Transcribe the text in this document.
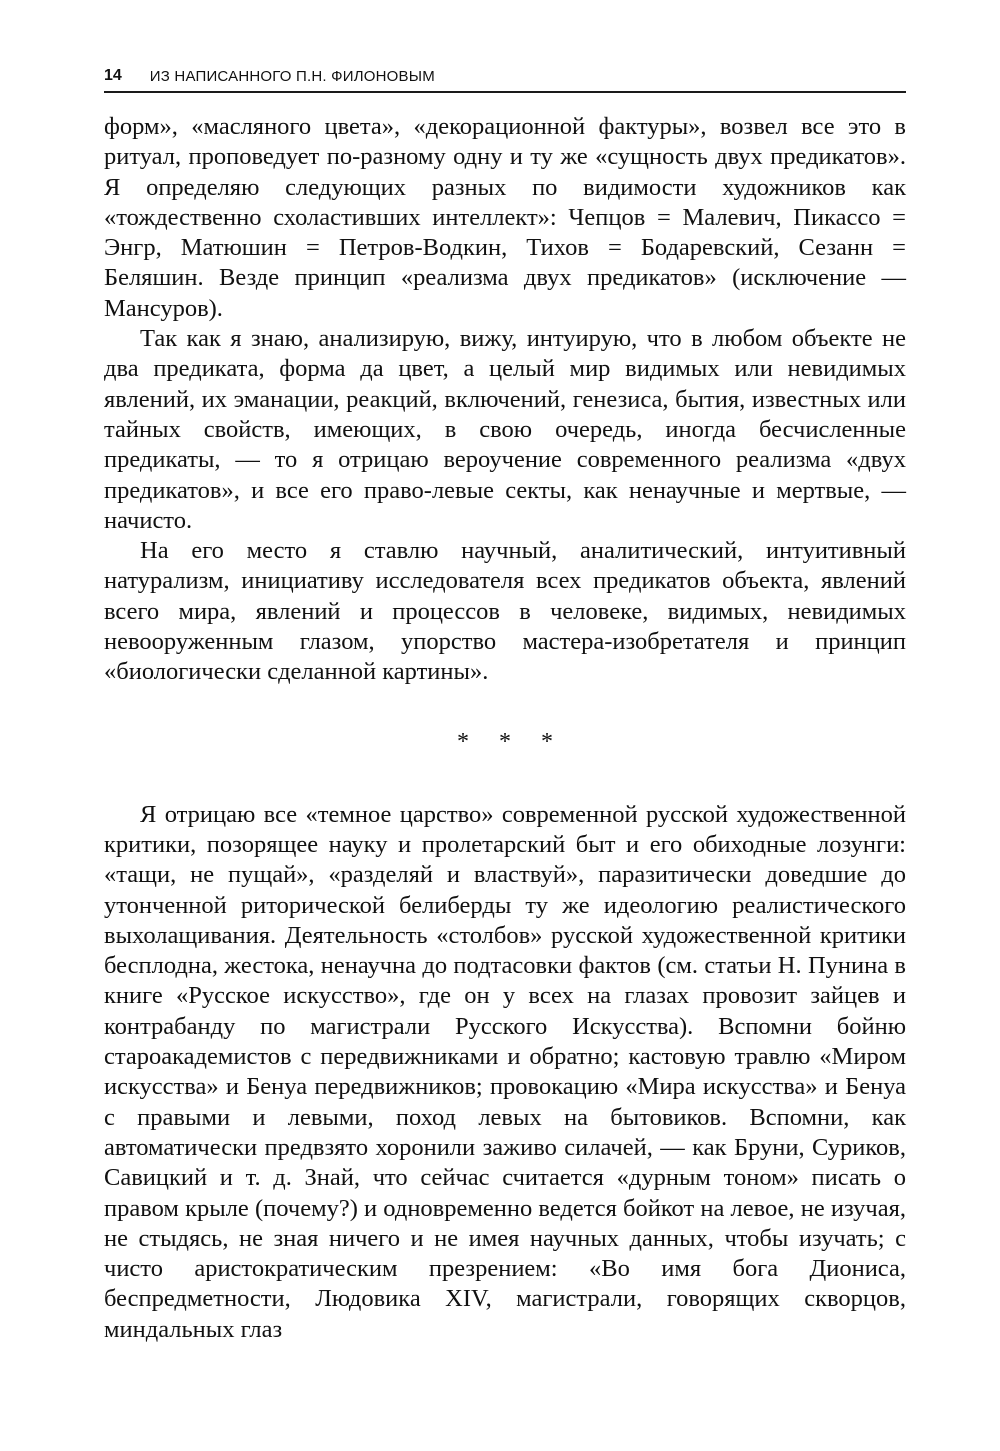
14 ИЗ НАПИСАННОГО П.Н. ФИЛОНОВЫМ

форм», «масляного цвета», «декорационной фактуры», возвел все это в ритуал, проповедует по-разному одну и ту же «сущность двух предикатов». Я определяю следующих разных по видимости художников как «тождественно схоластивших интеллект»: Чепцов = Малевич, Пикассо = Энгр, Матюшин = Петров-Водкин, Тихов = Бодаревский, Сезанн = Беляшин. Везде принцип «реализма двух предикатов» (исключение — Мансуров).

Так как я знаю, анализирую, вижу, интуирую, что в любом объекте не два предиката, форма да цвет, а целый мир видимых или невидимых явлений, их эманации, реакций, включений, генезиса, бытия, известных или тайных свойств, имеющих, в свою очередь, иногда бесчисленные предикаты, — то я отрицаю вероучение современного реализма «двух предикатов», и все его право-левые секты, как ненаучные и мертвые, — начисто.

На его место я ставлю научный, аналитический, интуитивный натурализм, инициативу исследователя всех предикатов объекта, явлений всего мира, явлений и процессов в человеке, видимых, невидимых невооруженным глазом, упорство мастера-изобретателя и принцип «биологически сделанной картины».

* * *

Я отрицаю все «темное царство» современной русской художественной критики, позорящее науку и пролетарский быт и его обиходные лозунги: «тащи, не пущай», «разделяй и властвуй», паразитически доведшие до утонченной риторической белиберды ту же идеологию реалистического выхолащивания. Деятельность «столбов» русской художественной критики бесплодна, жестока, ненаучна до подтасовки фактов (см. статьи Н. Пунина в книге «Русское искусство», где он у всех на глазах провозит зайцев и контрабанду по магистрали Русского Искусства). Вспомни бойню староакадемистов с передвижниками и обратно; кастовую травлю «Миром искусства» и Бенуа передвижников; провокацию «Мира искусства» и Бенуа с правыми и левыми, поход левых на бытовиков. Вспомни, как автоматически предвзято хоронили заживо силачей, — как Бруни, Суриков, Савицкий и т. д. Знай, что сейчас считается «дурным тоном» писать о правом крыле (почему?) и одновременно ведется бойкот на левое, не изучая, не стыдясь, не зная ничего и не имея научных данных, чтобы изучать; с чисто аристократическим презрением: «Во имя бога Диониса, беспредметности, Людовика XIV, магистрали, говорящих скворцов, миндальных глаз
